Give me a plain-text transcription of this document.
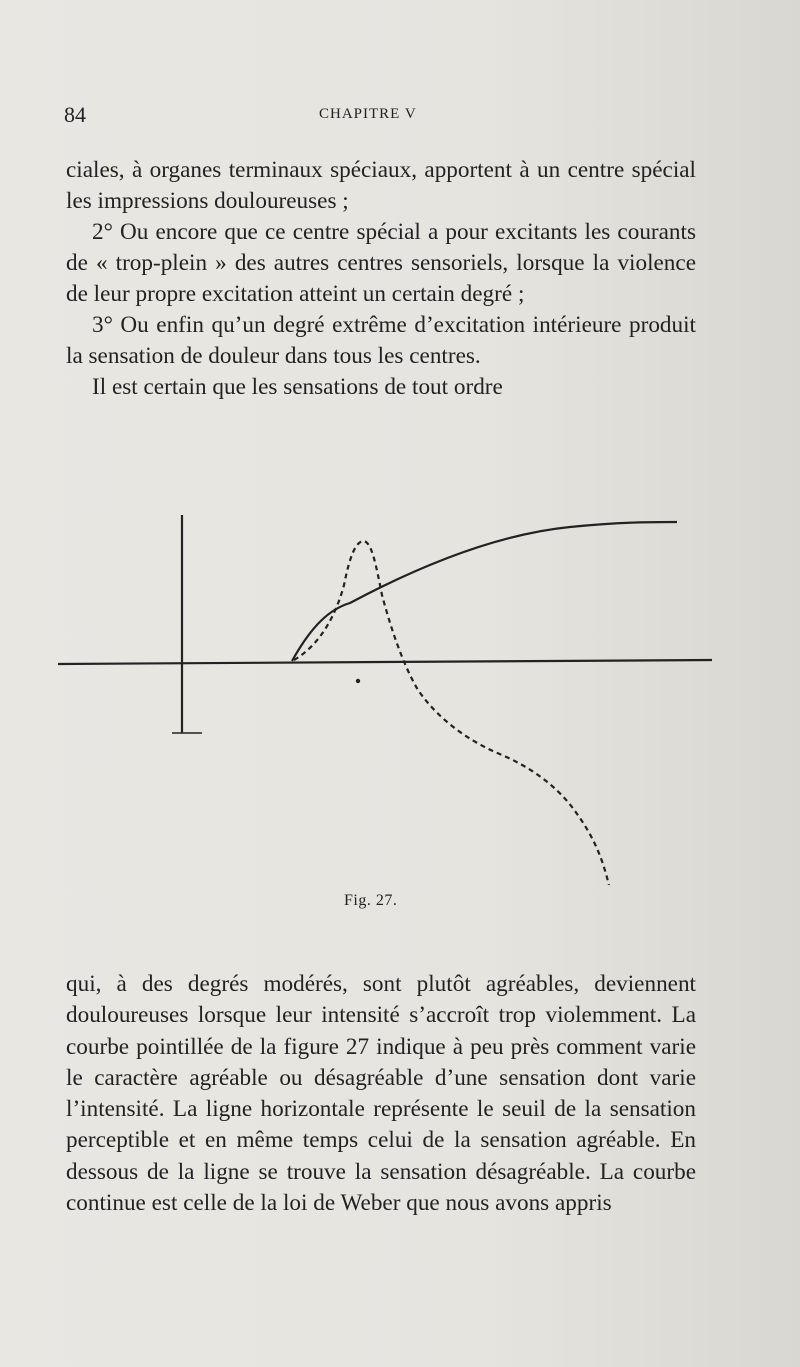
84	CHAPITRE V

ciales, à organes terminaux spéciaux, apportent à un centre spécial les impressions douloureuses ;

2° Ou encore que ce centre spécial a pour excitants les courants de « trop-plein » des autres centres sensoriels, lorsque la violence de leur propre excitation atteint un certain degré ;

3° Ou enfin qu’un degré extrême d’excitation intérieure produit la sensation de douleur dans tous les centres.

Il est certain que les sensations de tout ordre

Fig. 27.

qui, à des degrés modérés, sont plutôt agréables, deviennent douloureuses lorsque leur intensité s’accroît trop violemment. La courbe pointillée de la figure 27 indique à peu près comment varie le caractère agréable ou désagréable d’une sensation dont varie l’intensité. La ligne horizontale représente le seuil de la sensation perceptible et en même temps celui de la sensation agréable. En dessous de la ligne se trouve la sensation désagréable. La courbe continue est celle de la loi de Weber que nous avons appris
